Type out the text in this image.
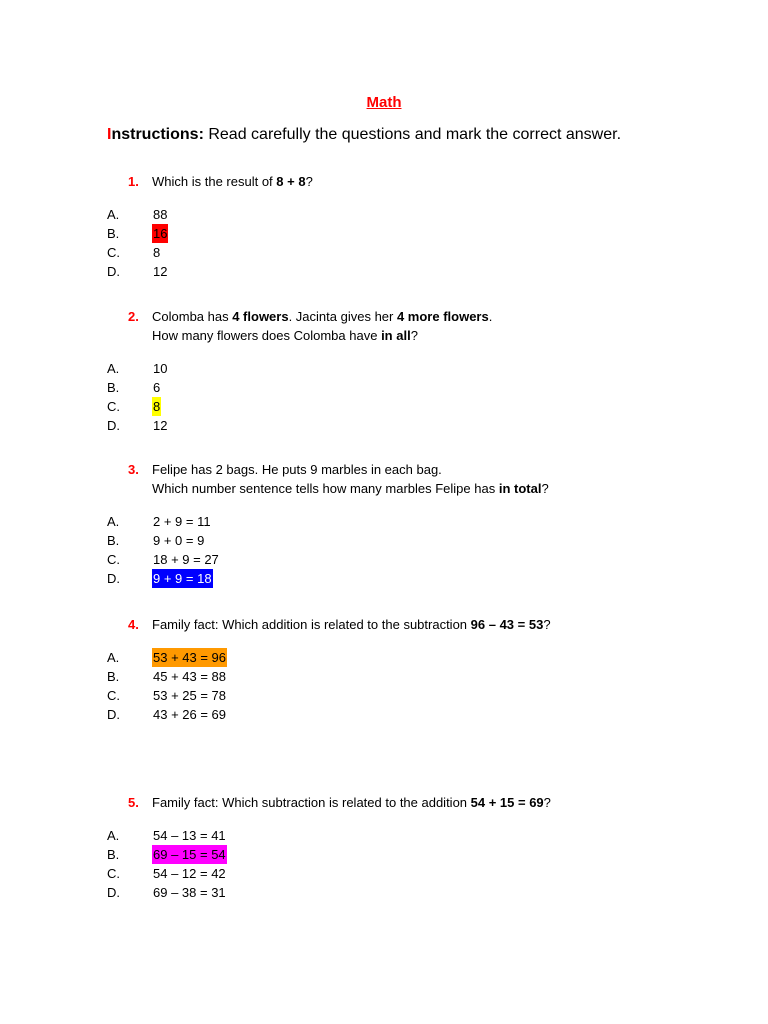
Math
Instructions: Read carefully the questions and mark the correct answer.
1. Which is the result of 8 + 8?
A.	88
B.	16
C.	8
D.	12
2. Colomba has 4 flowers. Jacinta gives her 4 more flowers.
How many flowers does Colomba have in all?
A.	10
B.	6
C.	8
D.	12
3. Felipe has 2 bags. He puts 9 marbles in each bag.
Which number sentence tells how many marbles Felipe has in total?
A.	2 + 9 = 11
B.	9 + 0 = 9
C.	18 + 9 = 27
D.	9 + 9 = 18
4. Family fact: Which addition is related to the subtraction 96 – 43 = 53?
A.	53 + 43 = 96
B.	45 + 43 = 88
C.	53 + 25 = 78
D.	43 + 26 = 69
5. Family fact: Which subtraction is related to the addition 54 + 15 = 69?
A.	54 – 13 = 41
B.	69 – 15 = 54
C.	54 – 12 = 42
D.	69 – 38 = 31
